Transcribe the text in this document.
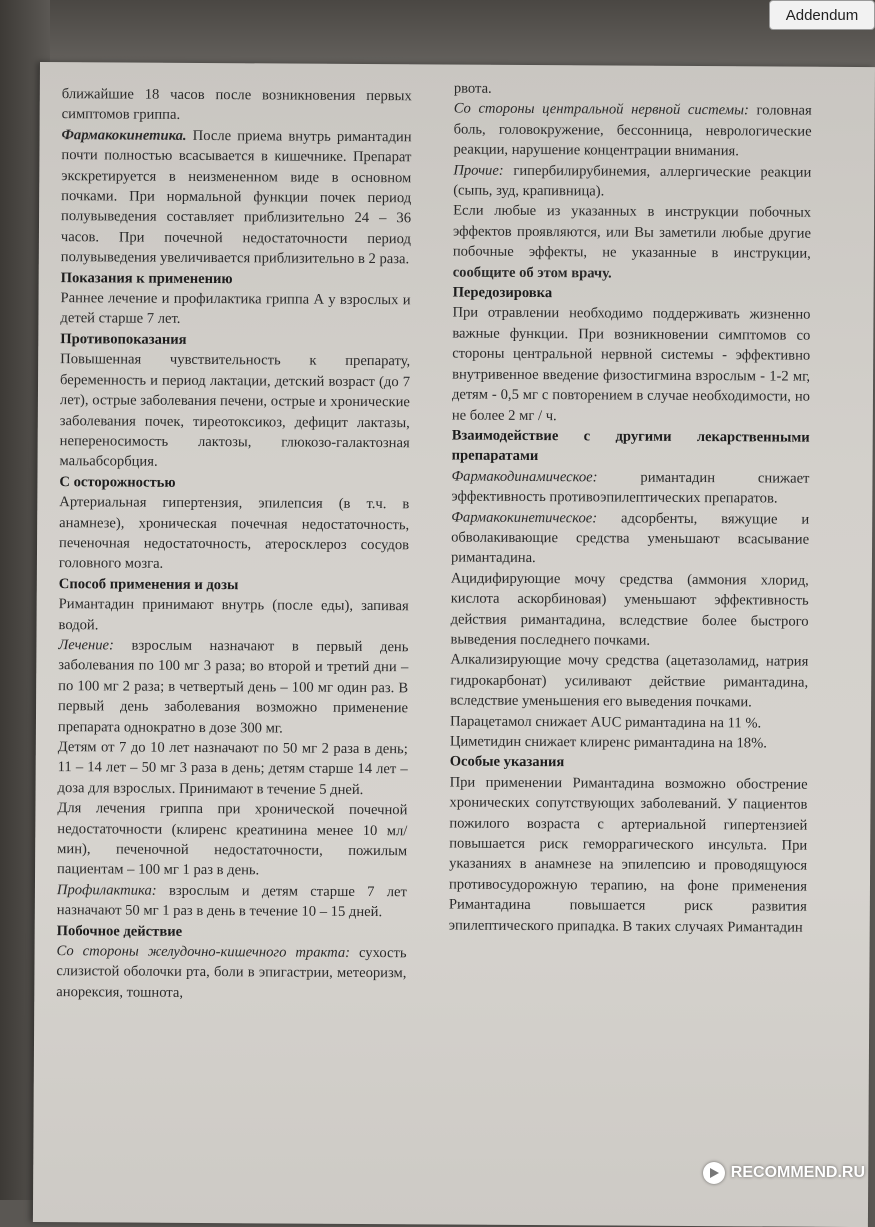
ближайшие 18 часов после возникновения первых симптомов гриппа.

Фармакокинетика. После приема внутрь римантадин почти полностью всасывается в кишечнике. Препарат экскретируется в неизмененном виде в основном почками. При нормальной функции почек период полувыведения составляет приблизительно 24 – 36 часов. При почечной недостаточности период полувыведения увеличивается приблизительно в 2 раза.

Показания к применению

Раннее лечение и профилактика гриппа А у взрослых и детей старше 7 лет.

Противопоказания

Повышенная чувствительность к препарату, беременность и период лактации, детский возраст (до 7 лет), острые заболевания печени, острые и хронические заболевания почек, тиреотоксикоз, дефицит лактазы, непереносимость лактозы, глюкозо-галактозная мальабсорбция.

С осторожностью

Артериальная гипертензия, эпилепсия (в т.ч. в анамнезе), хроническая почечная недостаточность, печеночная недостаточность, атеросклероз сосудов головного мозга.

Способ применения и дозы

Римантадин принимают внутрь (после еды), запивая водой.

Лечение: взрослым назначают в первый день заболевания по 100 мг 3 раза; во второй и третий дни – по 100 мг 2 раза; в четвертый день – 100 мг один раз. В первый день заболевания возможно применение препарата однократно в дозе 300 мг.

Детям от 7 до 10 лет назначают по 50 мг 2 раза в день; 11 – 14 лет – 50 мг 3 раза в день; детям старше 14 лет – доза для взрослых. Принимают в течение 5 дней.

Для лечения гриппа при хронической почечной недостаточности (клиренс креатинина менее 10 мл/мин), печеночной недостаточности, пожилым пациентам – 100 мг 1 раз в день.

Профилактика: взрослым и детям старше 7 лет назначают 50 мг 1 раз в день в течение 10 – 15 дней.

Побочное действие

Со стороны желудочно-кишечного тракта: сухость слизистой оболочки рта, боли в эпигастрии, метеоризм, анорексия, тошнота,

рвота.

Со стороны центральной нервной системы: головная боль, головокружение, бессонница, неврологические реакции, нарушение концентрации внимания.

Прочие: гипербилирубинемия, аллергические реакции (сыпь, зуд, крапивница).

Если любые из указанных в инструкции побочных эффектов проявляются, или Вы заметили любые другие побочные эффекты, не указанные в инструкции, сообщите об этом врачу.

Передозировка

При отравлении необходимо поддерживать жизненно важные функции. При возникновении симптомов со стороны центральной нервной системы - эффективно внутривенное введение физостигмина взрослым - 1-2 мг, детям - 0,5 мг с повторением в случае необходимости, но не более 2 мг / ч.

Взаимодействие с другими лекарственными препаратами

Фармакодинамическое: римантадин снижает эффективность противоэпилептических препаратов.

Фармакокинетическое: адсорбенты, вяжущие и обволакивающие средства уменьшают всасывание римантадина.

Ацидифирующие мочу средства (аммония хлорид, кислота аскорбиновая) уменьшают эффективность действия римантадина, вследствие более быстрого выведения последнего почками.

Алкализирующие мочу средства (ацетазоламид, натрия гидрокарбонат) усиливают действие римантадина, вследствие уменьшения его выведения почками.

Парацетамол снижает AUC римантадина на 11 %.

Циметидин снижает клиренс римантадина на 18%.

Особые указания

При применении Римантадина возможно обострение хронических сопутствующих заболеваний. У пациентов пожилого возраста с артериальной гипертензией повышается риск геморрагического инсульта. При указаниях в анамнезе на эпилепсию и проводящуюся противосудорожную терапию, на фоне применения Римантадина повышается риск развития эпилептического припадка. В таких случаях Римантадин

Addendum
RECOMMEND.RU
